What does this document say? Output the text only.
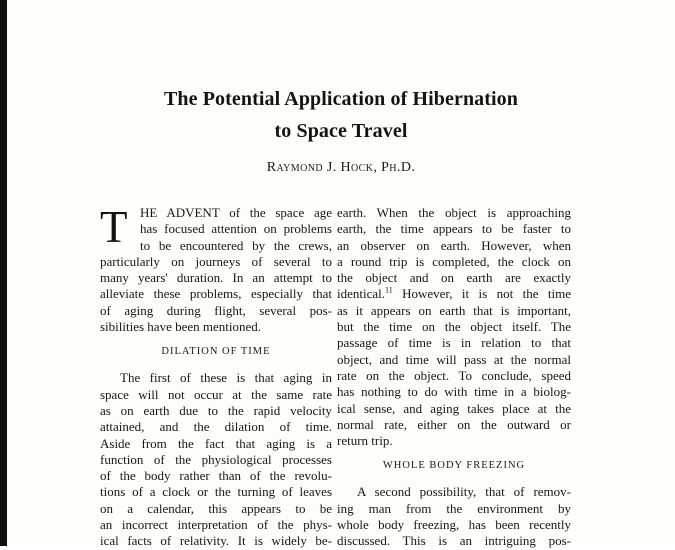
The Potential Application of Hibernation
to Space Travel
Raymond J. Hock, Ph.D.
T HE ADVENT of the space age
has focused attention on problems
to be encountered by the crews,
particularly on journeys of several to
many years' duration. In an attempt to
alleviate these problems, especially that
of aging during flight, several pos-
sibilities have been mentioned.
DILATION OF TIME
The first of these is that aging in
space will not occur at the same rate
as on earth due to the rapid velocity
attained, and the dilation of time.
Aside from the fact that aging is a
function of the physiological processes
of the body rather than of the revolu-
tions of a clock or the turning of leaves
on a calendar, this appears to be
an incorrect interpretation of the phys-
ical facts of relativity. It is widely be-
earth. When the object is approaching
earth, the time appears to be faster to
an observer on earth. However, when
a round trip is completed, the clock on
the object and on earth are exactly
identical.$^{11}$ However, it is not the time
as it appears on earth that is important,
but the time on the object itself. The
passage of time is in relation to that
object, and time will pass at the normal
rate on the object. To conclude, speed
has nothing to do with time in a biolog-
ical sense, and aging takes place at the
normal rate, either on the outward or
return trip.
WHOLE BODY FREEZING
A second possibility, that of remov-
ing man from the environment by
whole body freezing, has been recently
discussed. This is an intriguing pos-
